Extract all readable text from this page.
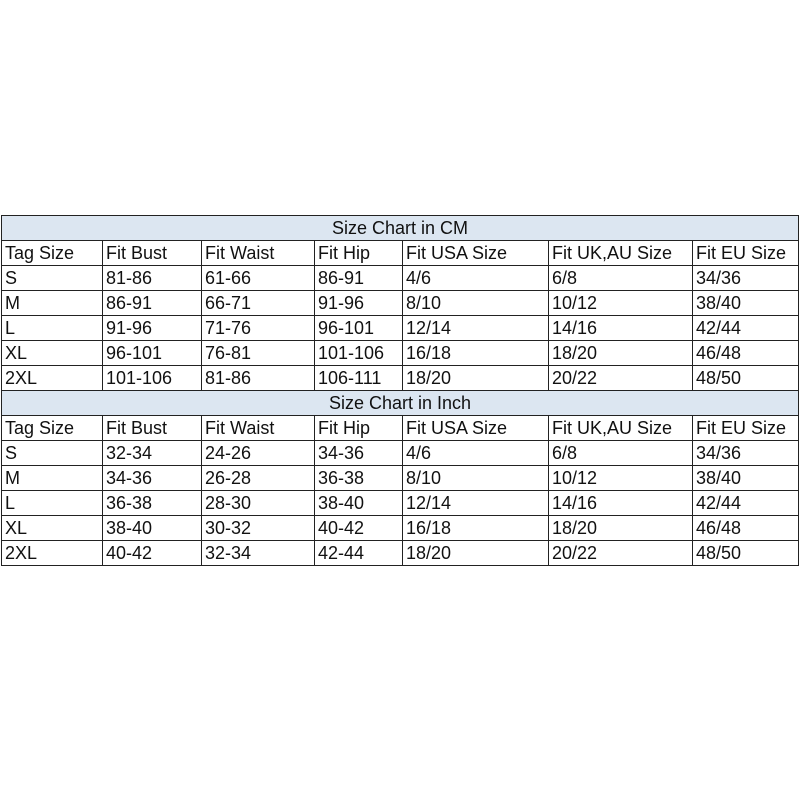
Size Chart in CM						
Tag Size	Fit Bust	Fit Waist	Fit Hip	Fit USA Size	Fit UK,AU Size	Fit EU Size
S	81-86	61-66	86-91	4/6	6/8	34/36
M	86-91	66-71	91-96	8/10	10/12	38/40
L	91-96	71-76	96-101	12/14	14/16	42/44
XL	96-101	76-81	101-106	16/18	18/20	46/48
2XL	101-106	81-86	106-111	18/20	20/22	48/50
Size Chart in Inch						
Tag Size	Fit Bust	Fit Waist	Fit Hip	Fit USA Size	Fit UK,AU Size	Fit EU Size
S	32-34	24-26	34-36	4/6	6/8	34/36
M	34-36	26-28	36-38	8/10	10/12	38/40
L	36-38	28-30	38-40	12/14	14/16	42/44
XL	38-40	30-32	40-42	16/18	18/20	46/48
2XL	40-42	32-34	42-44	18/20	20/22	48/50
